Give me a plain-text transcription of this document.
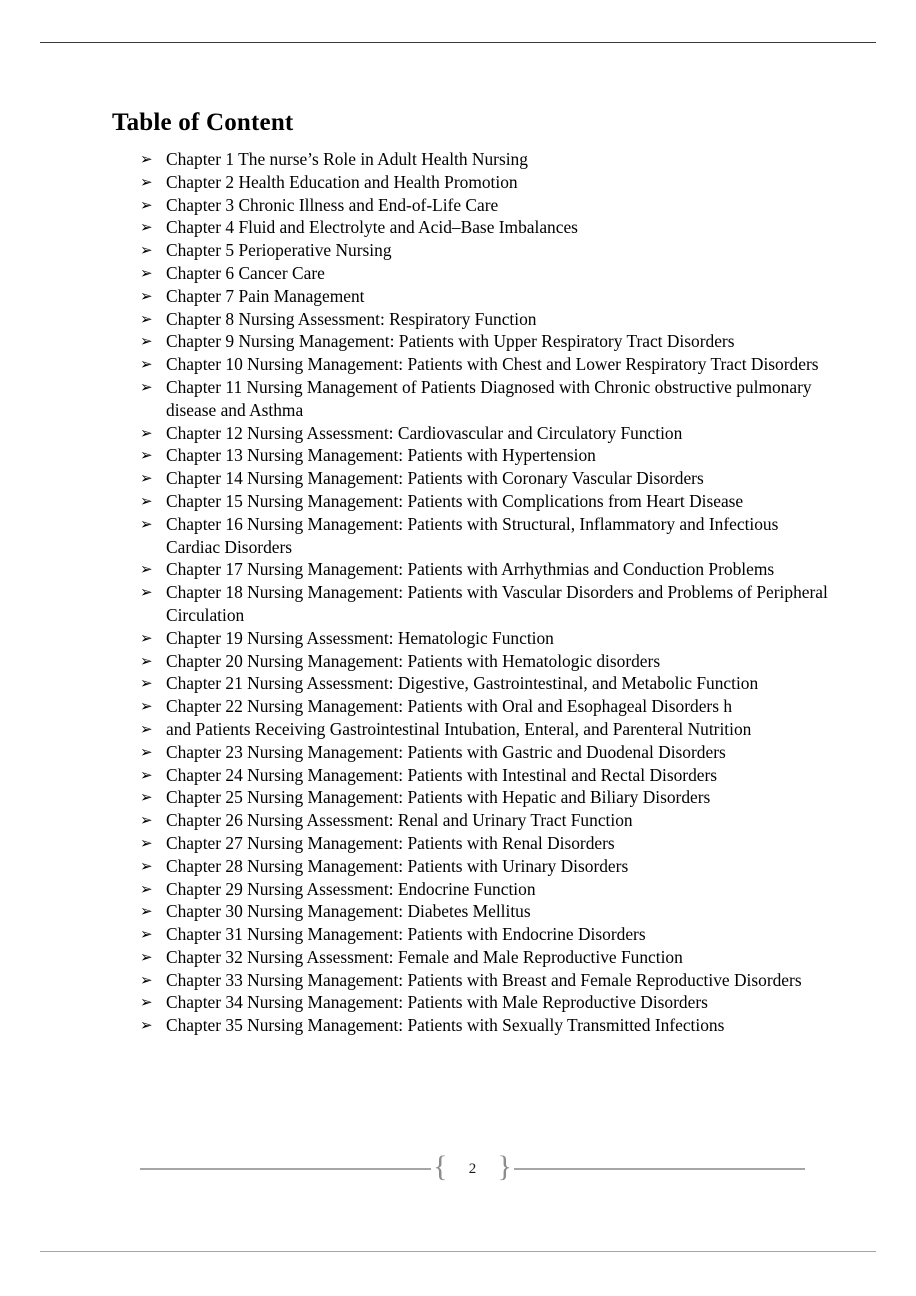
Table of Content
➢ Chapter 1 The nurse’s Role in Adult Health Nursing
➢ Chapter 2 Health Education and Health Promotion
➢ Chapter 3 Chronic Illness and End-of-Life Care
➢ Chapter 4 Fluid and Electrolyte and Acid–Base Imbalances
➢ Chapter 5 Perioperative Nursing
➢ Chapter 6 Cancer Care
➢ Chapter 7 Pain Management
➢ Chapter 8 Nursing Assessment: Respiratory Function
➢ Chapter 9 Nursing Management: Patients with Upper Respiratory Tract Disorders
➢ Chapter 10 Nursing Management: Patients with Chest and Lower Respiratory Tract Disorders
➢ Chapter 11 Nursing Management of Patients Diagnosed with Chronic obstructive pulmonary disease and Asthma
➢ Chapter 12 Nursing Assessment: Cardiovascular and Circulatory Function
➢ Chapter 13 Nursing Management: Patients with Hypertension
➢ Chapter 14 Nursing Management: Patients with Coronary Vascular Disorders
➢ Chapter 15 Nursing Management: Patients with Complications from Heart Disease
➢ Chapter 16 Nursing Management: Patients with Structural, Inflammatory and Infectious Cardiac Disorders
➢ Chapter 17 Nursing Management: Patients with Arrhythmias and Conduction Problems
➢ Chapter 18 Nursing Management: Patients with Vascular Disorders and Problems of Peripheral Circulation
➢ Chapter 19 Nursing Assessment: Hematologic Function
➢ Chapter 20 Nursing Management: Patients with Hematologic disorders
➢ Chapter 21 Nursing Assessment: Digestive, Gastrointestinal, and Metabolic Function
➢ Chapter 22 Nursing Management: Patients with Oral and Esophageal Disorders h
➢ and Patients Receiving Gastrointestinal Intubation, Enteral, and Parenteral Nutrition
➢ Chapter 23 Nursing Management: Patients with Gastric and Duodenal Disorders
➢ Chapter 24 Nursing Management: Patients with Intestinal and Rectal Disorders
➢ Chapter 25 Nursing Management: Patients with Hepatic and Biliary Disorders
➢ Chapter 26 Nursing Assessment: Renal and Urinary Tract Function
➢ Chapter 27 Nursing Management: Patients with Renal Disorders
➢ Chapter 28 Nursing Management: Patients with Urinary Disorders
➢ Chapter 29 Nursing Assessment: Endocrine Function
➢ Chapter 30 Nursing Management: Diabetes Mellitus
➢ Chapter 31 Nursing Management: Patients with Endocrine Disorders
➢ Chapter 32 Nursing Assessment: Female and Male Reproductive Function
➢ Chapter 33 Nursing Management: Patients with Breast and Female Reproductive Disorders
➢ Chapter 34 Nursing Management: Patients with Male Reproductive Disorders
➢ Chapter 35 Nursing Management: Patients with Sexually Transmitted Infections
{	2 }
